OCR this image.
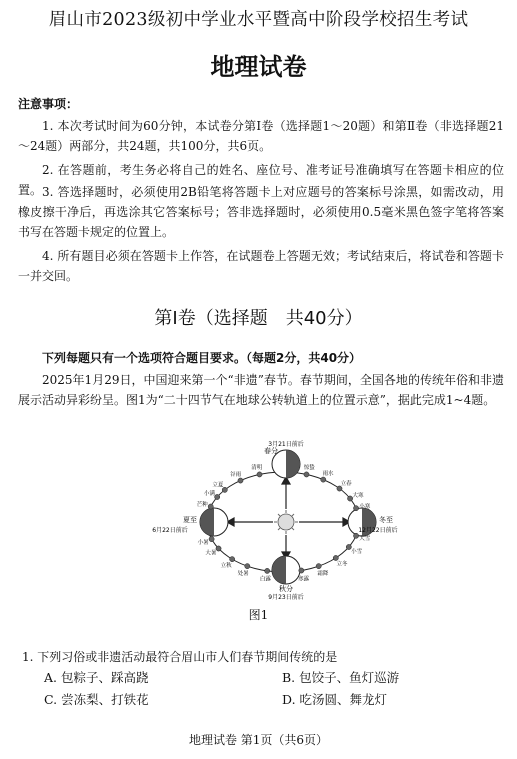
眉山市2023级初中学业水平暨高中阶段学校招生考试
地理试卷
注意事项：
1. 本次考试时间为60分钟，本试卷分第Ⅰ卷（选择题1～20题）和第Ⅱ卷（非选择题21～24题）两部分，共24题，共100分，共6页。
2. 在答题前，考生务必将自己的姓名、座位号、准考证号准确填写在答题卡相应的位置。 3. 答选择题时，必须使用2B铅笔将答题卡上对应题号的答案标号涂黑，如需改动，用橡皮擦干净后，再选涂其它答案标号；答非选择题时，必须使用0.5毫米黑色签字笔将答案书写在答题卡规定的位置上。
4. 所有题目必须在答题卡上作答，在试题卷上答题无效；考试结束后，将试卷和答题卡一并交回。
第Ⅰ卷（选择题　共40分）
下列每题只有一个选项符合题目要求。（每题2分，共40分）
2025年1月29日，中国迎来第一个“非遗”春节。春节期间，全国各地的传统年俗和非遗展示活动异彩纷呈。图1为“二十四节气在地球公转轨道上的位置示意”，据此完成1~4题。
3月21日前后
春分
夏至
6月22日前后
秋分
9月23日前后
冬至
12月22日前后
清明
谷雨
立夏
小满
芒种
惊蛰
雨水
立春
大寒
小寒
小暑
大暑
立秋
处暑
白露	寒露
霜降
立冬
小雪
大雪
图1
1. 下列习俗或非遗活动最符合眉山市人们春节期间传统的是
A. 包粽子、踩高跷	B. 包饺子、鱼灯巡游
C. 尝冻梨、打铁花	D. 吃汤圆、舞龙灯
地理试卷 第1页（共6页）
